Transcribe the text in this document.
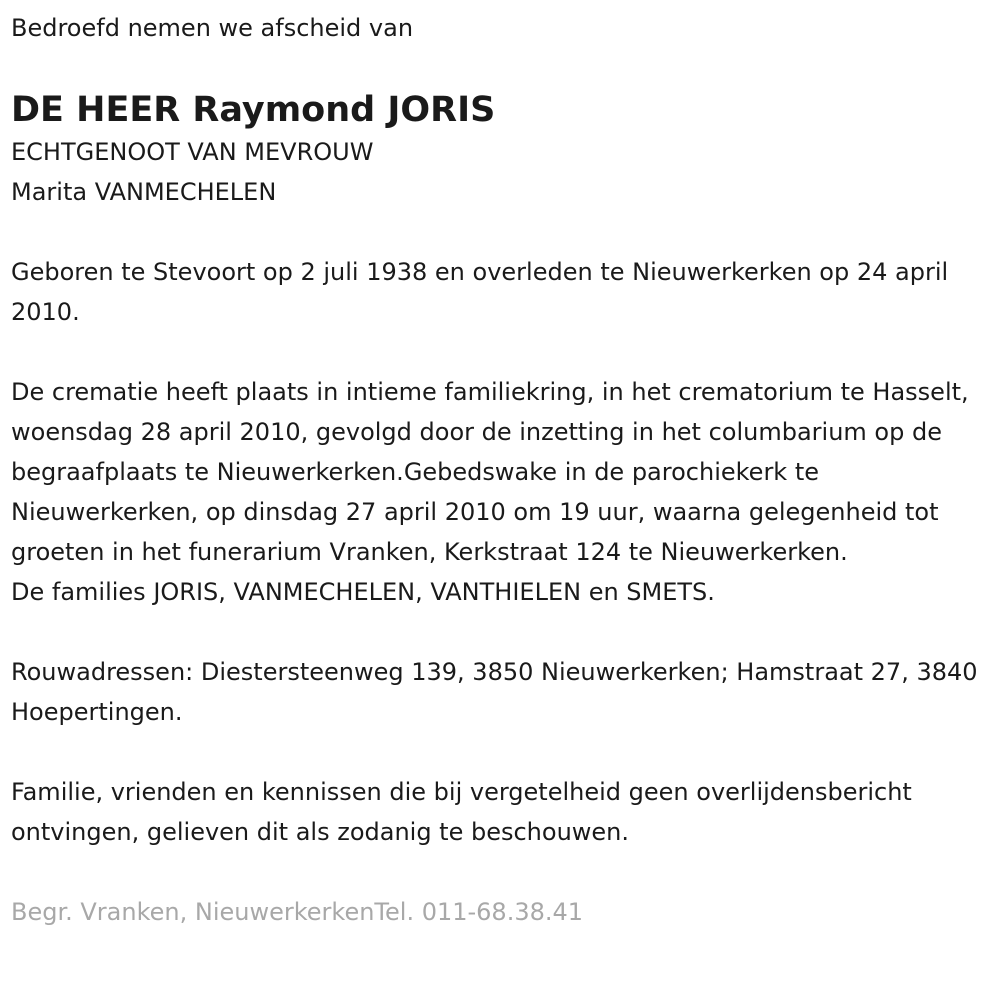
Bedroefd nemen we afscheid van

DE HEER Raymond JORIS

ECHTGENOOT VAN MEVROUW

Marita VANMECHELEN

Geboren te Stevoort op 2 juli 1938 en overleden te Nieuwerkerken op 24 april 2010.

De crematie heeft plaats in intieme familiekring, in het crematorium te Hasselt, woensdag 28 april 2010, gevolgd door de inzetting in het columbarium op de begraafplaats te Nieuwerkerken.Gebedswake in de parochiekerk te Nieuwerkerken, op dinsdag 27 april 2010 om 19 uur, waarna gelegenheid tot groeten in het funerarium Vranken, Kerkstraat 124 te Nieuwerkerken.

De families JORIS, VANMECHELEN, VANTHIELEN en SMETS.

Rouwadressen: Diestersteenweg 139, 3850 Nieuwerkerken; Hamstraat 27, 3840 Hoepertingen.

Familie, vrienden en kennissen die bij vergetelheid geen overlijdensbericht ontvingen, gelieven dit als zodanig te beschouwen.

Begr. Vranken, NieuwerkerkenTel. 011-68.38.41
